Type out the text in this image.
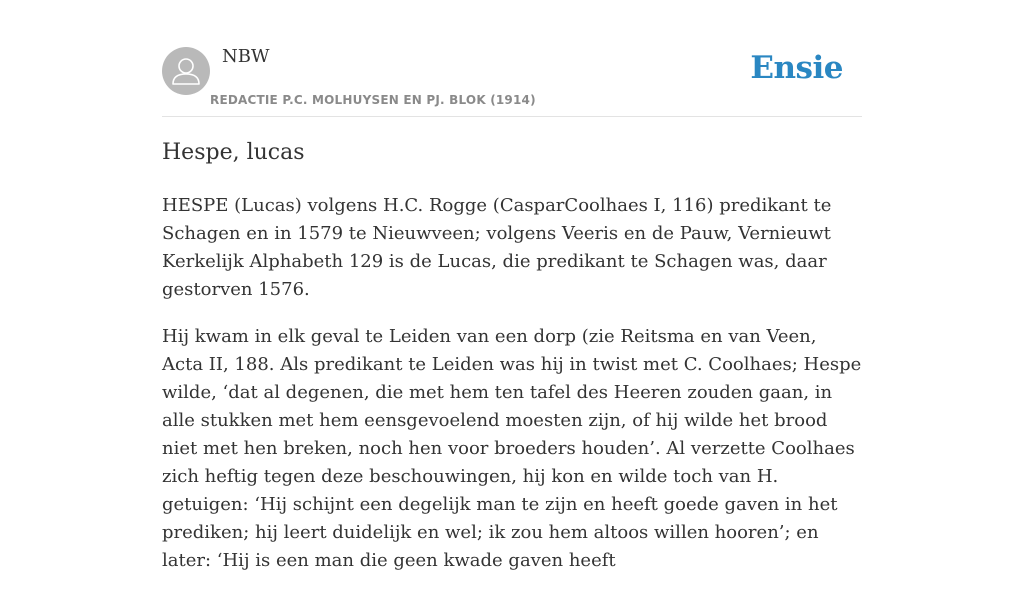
NBW
REDACTIE P.C. MOLHUYSEN EN PJ. BLOK (1914)
Ensie
Hespe, lucas

HESPE (Lucas) volgens H.C. Rogge (CasparCoolhaes I, 116) predikant te Schagen en in 1579 te Nieuwveen; volgens Veeris en de Pauw, Vernieuwt Kerkelijk Alphabeth 129 is de Lucas, die predikant te Schagen was, daar gestorven 1576.

Hij kwam in elk geval te Leiden van een dorp (zie Reitsma en van Veen, Acta II, 188. Als predikant te Leiden was hij in twist met C. Coolhaes; Hespe wilde, ‘dat al degenen, die met hem ten tafel des Heeren zouden gaan, in alle stukken met hem eensgevoelend moesten zijn, of hij wilde het brood niet met hen breken, noch hen voor broeders houden’. Al verzette Coolhaes zich heftig tegen deze beschouwingen, hij kon en wilde toch van H. getuigen: ‘Hij schijnt een degelijk man te zijn en heeft goede gaven in het prediken; hij leert duidelijk en wel; ik zou hem altoos willen hooren’; en later: ‘Hij is een man die geen kwade gaven heeft
